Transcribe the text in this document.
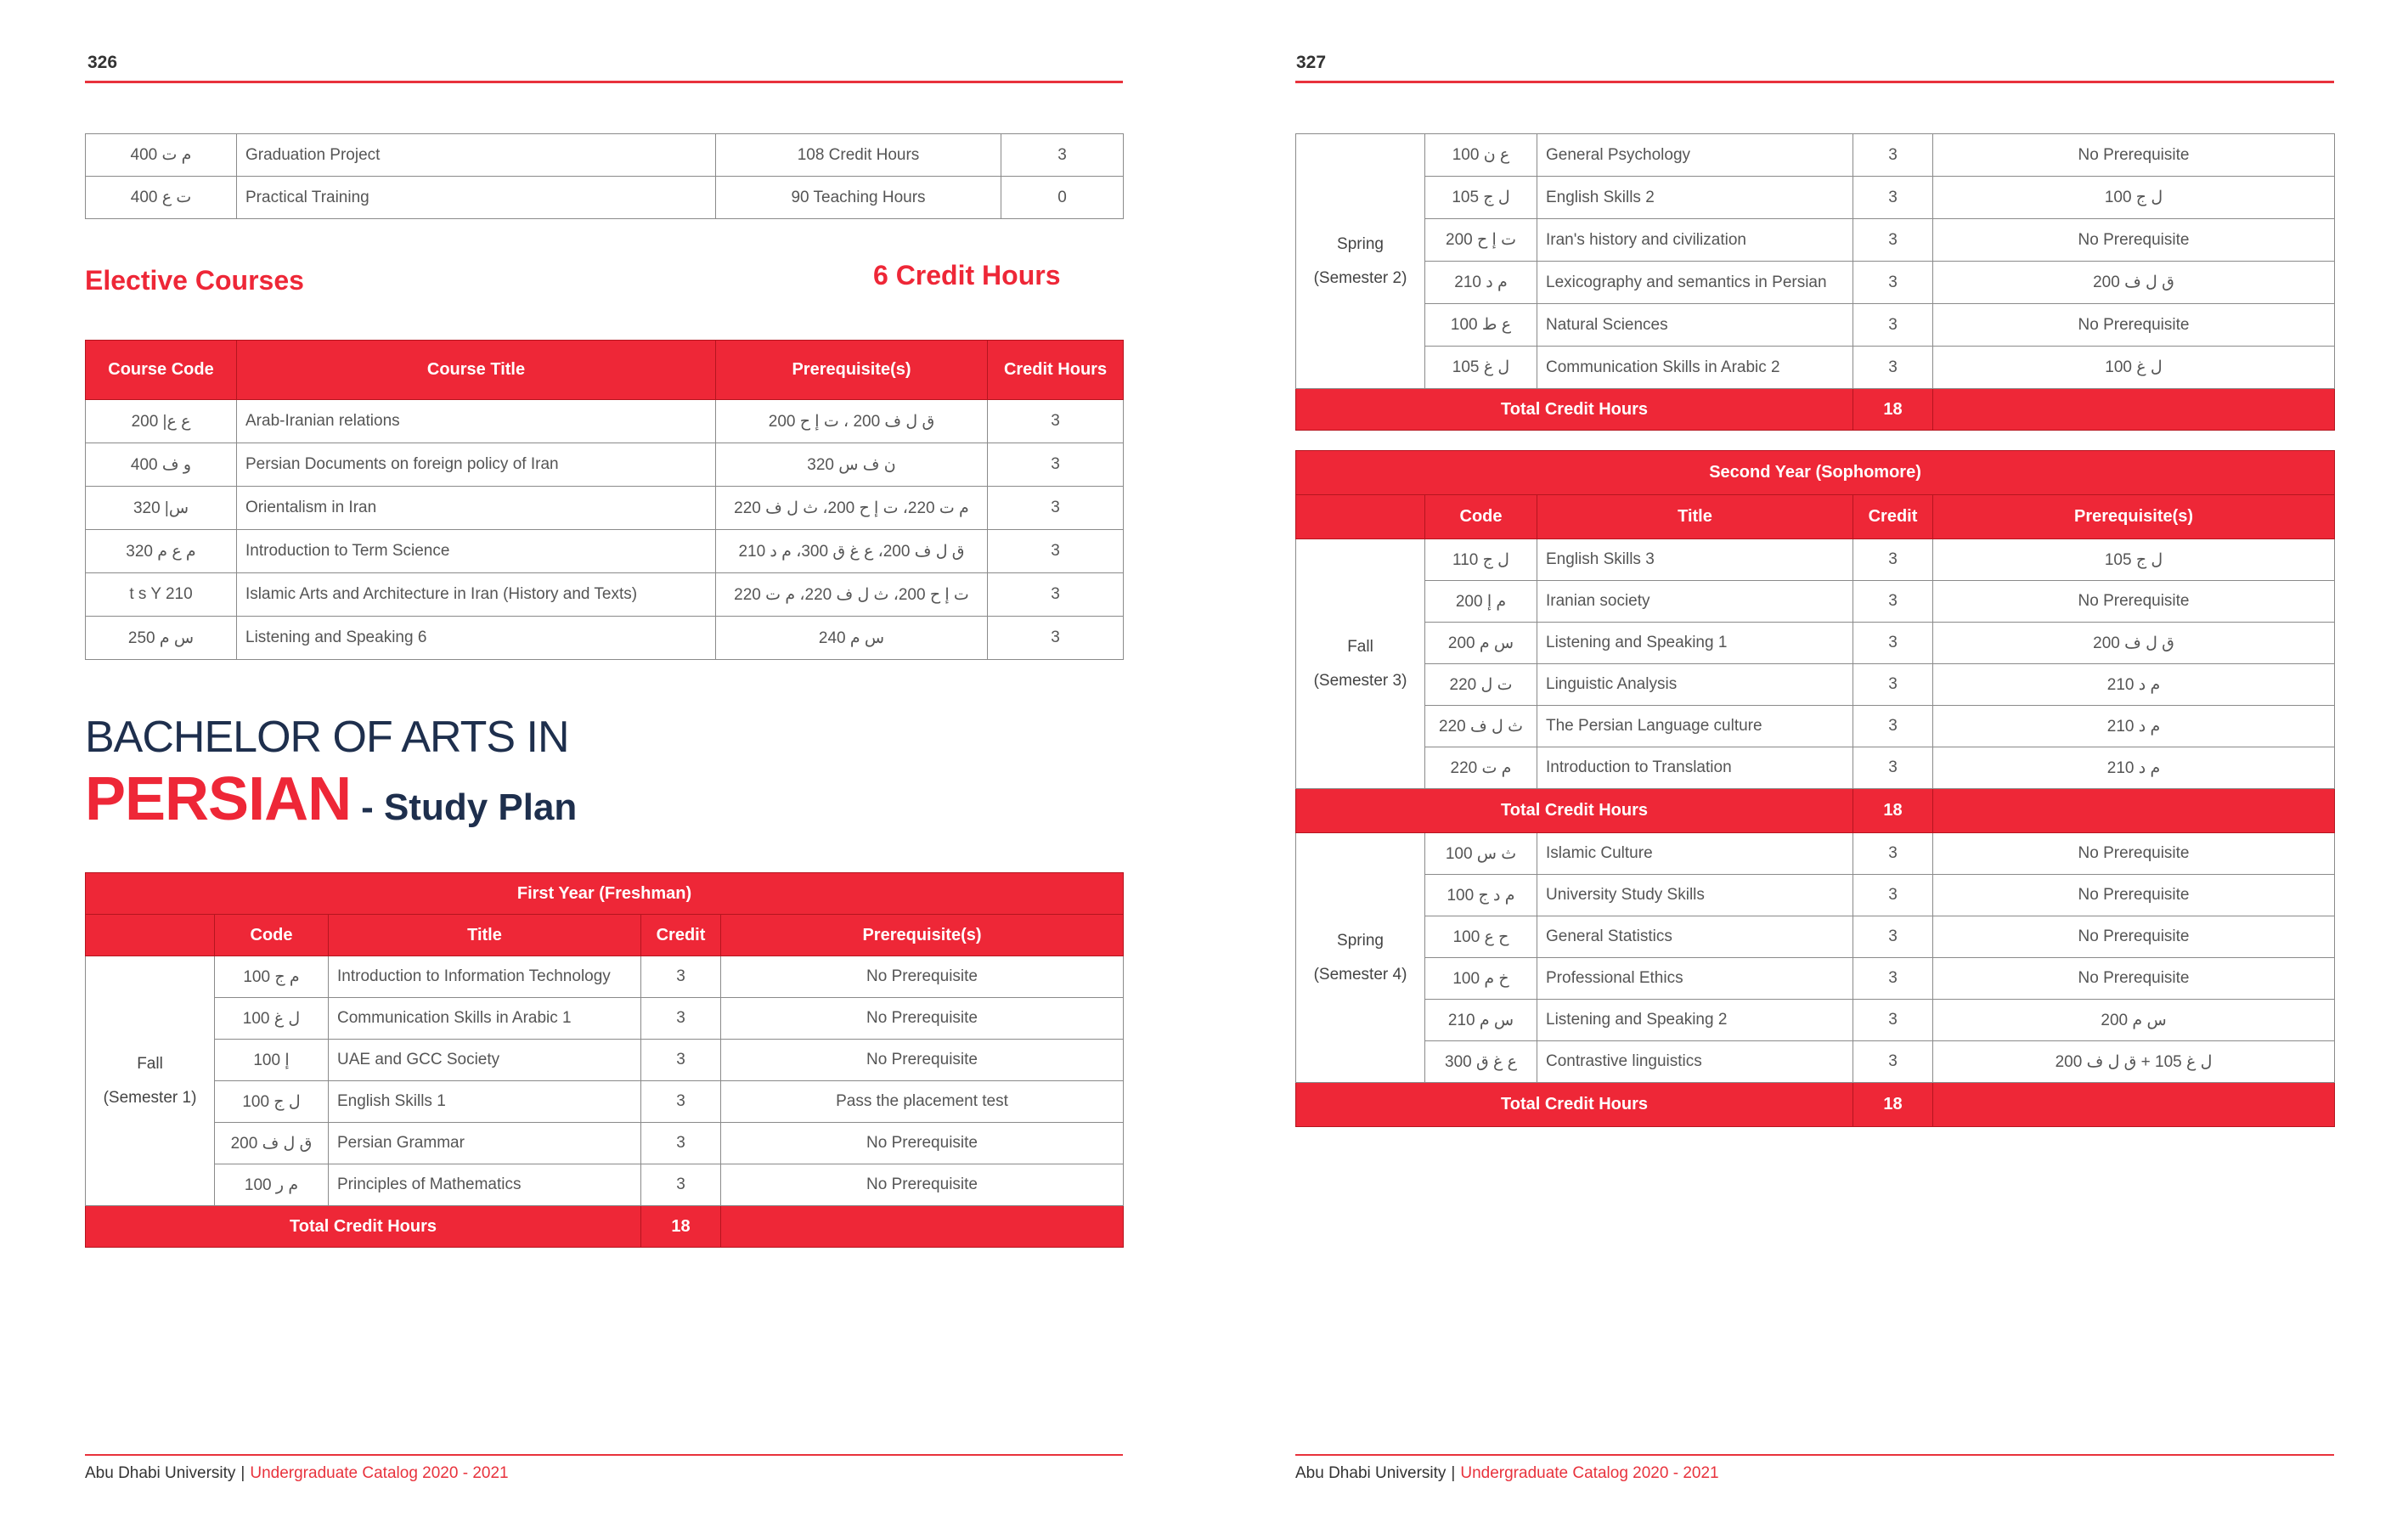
326
م ت 400	Graduation Project	108 Credit Hours	3
ت ع 400	Practical Training	90 Teaching Hours	0
Elective Courses	6 Credit Hours
Course Code	Course Title	Prerequisite(s)	Credit Hours
ع ع| 200	Arab-Iranian relations	ق ل ف 200 ، ت إ ح 200	3
و ف 400	Persian Documents on foreign policy of Iran	ن ف س 320	3
س| 320	Orientalism in Iran	م ت 220، ت إ ح 200، ث ل ف 220	3
م ع م 320	Introduction to Term Science	ق ل ف 200، ع غ ق 300، م د 210	3
t s Y 210	Islamic Arts and Architecture in Iran (History and Texts)	ت إ ح 200، ث ل ف 220، م ت 220	3
س م 250	Listening and Speaking 6	س م 240	3
BACHELOR OF ARTS IN
PERSIAN - Study Plan
First Year (Freshman)				
	Code	Title	Credit	Prerequisite(s)

Fall
(Semester 1)	م ج 100	Introduction to Information Technology	3	No Prerequisite
	ل غ 100	Communication Skills in Arabic 1	3	No Prerequisite
	إ 100	UAE and GCC Society	3	No Prerequisite
	ل ج 100	English Skills 1	3	Pass the placement test
	ق ل ف 200	Persian Grammar	3	No Prerequisite
	م ر 100	Principles of Mathematics	3	No Prerequisite
Total Credit Hours			18	
Abu Dhabi University | Undergraduate Catalog 2020 - 2021
327
Spring
(Semester 2)	ع ن 100	General Psychology	3	No Prerequisite
	ل ج 105	English Skills 2	3	ل ج 100
	ت إ ح 200	Iran's history and civilization	3	No Prerequisite
	م د 210	Lexicography and semantics in Persian	3	ق ل ف 200
	ع ط 100	Natural Sciences	3	No Prerequisite
	ل غ 105	Communication Skills in Arabic 2	3	ل غ 100
Total Credit Hours			18	
Second Year (Sophomore)				
	Code	Title	Credit	Prerequisite(s)

Fall
(Semester 3)	ل ج 110	English Skills 3	3	ل ج 105
	م إ 200	Iranian society	3	No Prerequisite
	س م 200	Listening and Speaking 1	3	ق ل ف 200
	ت ل 220	Linguistic Analysis	3	م د 210
	ث ل ف 220	The Persian Language culture	3	م د 210
	م ت 220	Introduction to Translation	3	م د 210
Total Credit Hours			18	

Spring
(Semester 4)	ث س 100	Islamic Culture	3	No Prerequisite
	م د ج 100	University Study Skills	3	No Prerequisite
	ح ع 100	General Statistics	3	No Prerequisite
	خ م 100	Professional Ethics	3	No Prerequisite
	س م 210	Listening and Speaking 2	3	س م 200
	ع غ ق 300	Contrastive linguistics	3	ل غ 105 + ق ل ف 200
Total Credit Hours			18	
Abu Dhabi University | Undergraduate Catalog 2020 - 2021
